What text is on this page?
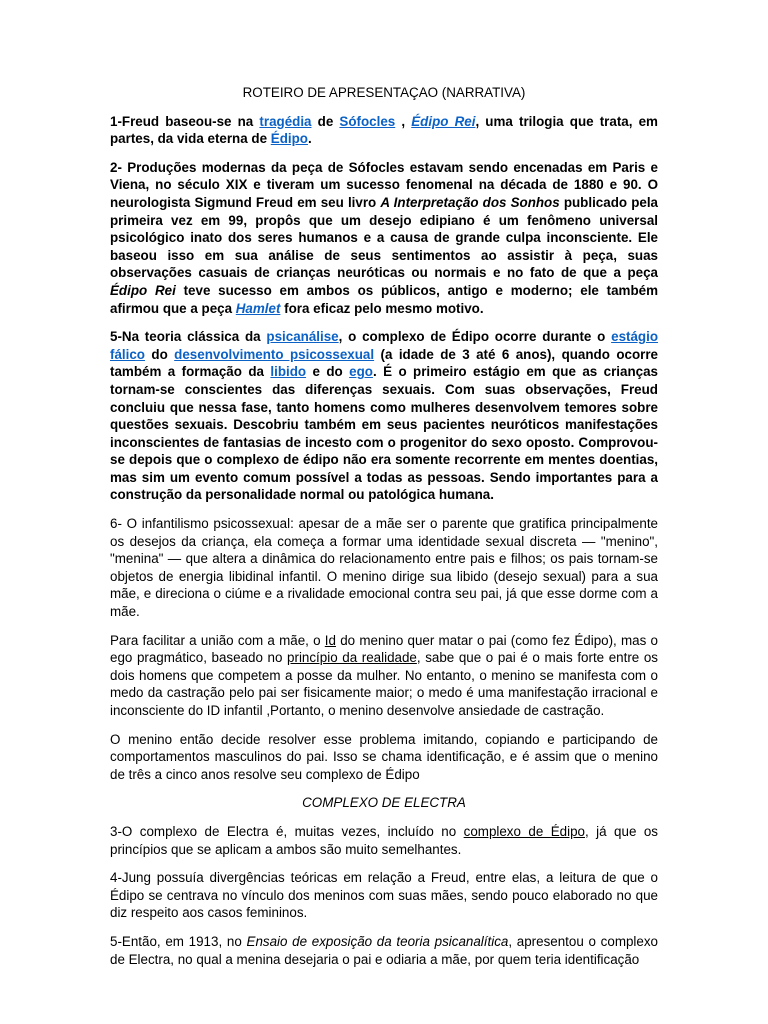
ROTEIRO DE APRESENTAÇAO (NARRATIVA)

1-Freud baseou-se na tragédia de Sófocles , Édipo Rei, uma trilogia que trata, em partes, da vida eterna de Édipo.

2- Produções modernas da peça de Sófocles estavam sendo encenadas em Paris e Viena, no século XIX e tiveram um sucesso fenomenal na década de 1880 e 90. O neurologista Sigmund Freud em seu livro A Interpretação dos Sonhos publicado pela primeira vez em 99, propôs que um desejo edipiano é um fenômeno universal psicológico inato dos seres humanos e a causa de grande culpa inconsciente. Ele baseou isso em sua análise de seus sentimentos ao assistir à peça, suas observações casuais de crianças neuróticas ou normais e no fato de que a peça Édipo Rei teve sucesso em ambos os públicos, antigo e moderno; ele também afirmou que a peça Hamlet fora eficaz pelo mesmo motivo.

5-Na teoria clássica da psicanálise, o complexo de Édipo ocorre durante o estágio fálico do desenvolvimento psicossexual (a idade de 3 até 6 anos), quando ocorre também a formação da libido e do ego. É o primeiro estágio em que as crianças tornam-se conscientes das diferenças sexuais. Com suas observações, Freud concluiu que nessa fase, tanto homens como mulheres desenvolvem temores sobre questões sexuais. Descobriu também em seus pacientes neuróticos manifestações inconscientes de fantasias de incesto com o progenitor do sexo oposto. Comprovou-se depois que o complexo de édipo não era somente recorrente em mentes doentias, mas sim um evento comum possível a todas as pessoas. Sendo importantes para a construção da personalidade normal ou patológica humana.

6- O infantilismo psicossexual: apesar de a mãe ser o parente que gratifica principalmente os desejos da criança, ela começa a formar uma identidade sexual discreta — "menino", "menina" — que altera a dinâmica do relacionamento entre pais e filhos; os pais tornam-se objetos de energia libidinal infantil. O menino dirige sua libido (desejo sexual) para a sua mãe, e direciona o ciúme e a rivalidade emocional contra seu pai, já que esse dorme com a mãe.

Para facilitar a união com a mãe, o Id do menino quer matar o pai (como fez Édipo), mas o ego pragmático, baseado no princípio da realidade, sabe que o pai é o mais forte entre os dois homens que competem a posse da mulher. No entanto, o menino se manifesta com o medo da castração pelo pai ser fisicamente maior; o medo é uma manifestação irracional e inconsciente do ID infantil ,Portanto, o menino desenvolve ansiedade de castração.

O menino então decide resolver esse problema imitando, copiando e participando de comportamentos masculinos do pai. Isso se chama identificação, e é assim que o menino de três a cinco anos resolve seu complexo de Édipo

COMPLEXO DE ELECTRA

3-O complexo de Electra é, muitas vezes, incluído no complexo de Édipo, já que os princípios que se aplicam a ambos são muito semelhantes.

4-Jung possuía divergências teóricas em relação a Freud, entre elas, a leitura de que o Édipo se centrava no vínculo dos meninos com suas mães, sendo pouco elaborado no que diz respeito aos casos femininos.

5-Então, em 1913, no Ensaio de exposição da teoria psicanalítica, apresentou o complexo de Electra, no qual a menina desejaria o pai e odiaria a mãe, por quem teria identificação
